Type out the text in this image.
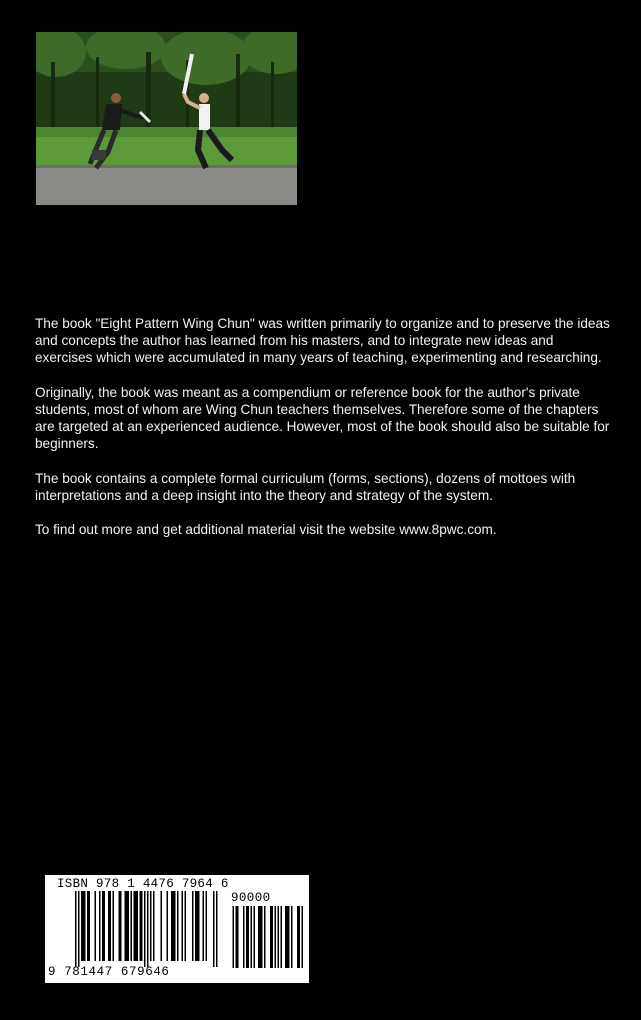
The book "Eight Pattern Wing Chun" was written primarily to organize and to preserve the ideas and concepts the author has learned from his masters, and to integrate new ideas and exercises which were accumulated in many years of teaching, experimenting and researching.

Originally, the book was meant as a compendium or reference book for the author's private students, most of whom are Wing Chun teachers themselves. Therefore some of the chapters are targeted at an experienced audience. However, most of the book should also be suitable for beginners.

The book contains a complete formal curriculum (forms, sections), dozens of mottoes with interpretations and a deep insight into the theory and strategy of the system.

To find out more and get additional material visit the website www.8pwc.com.

ISBN 978 1 4476 7964 6
90000
9 781447 679646
